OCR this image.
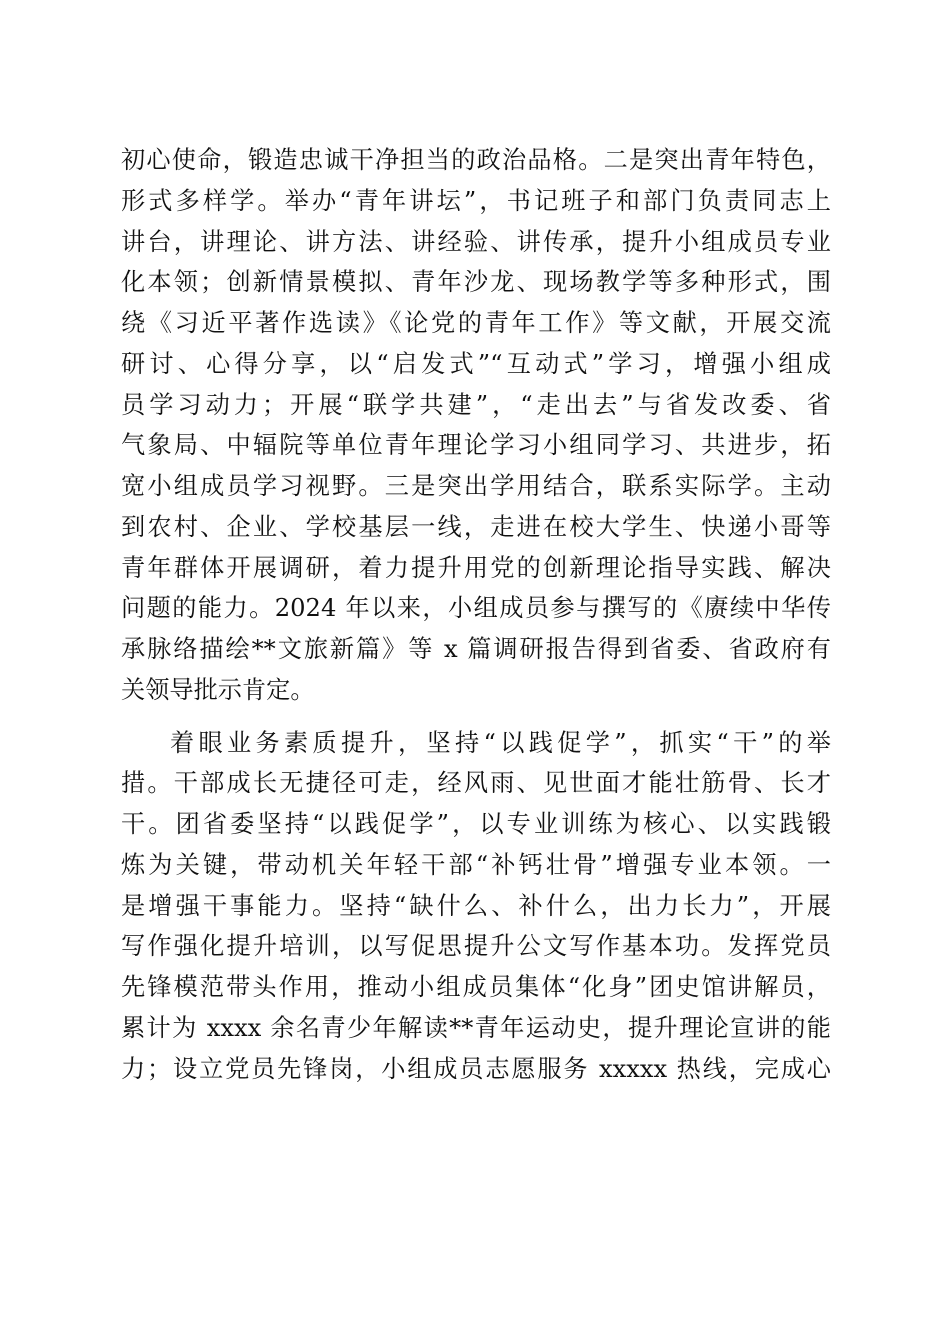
初心使命，锻造忠诚干净担当的政治品格。二是突出青年特色，
形式多样学。举办“青年讲坛”，书记班子和部门负责同志上
讲台，讲理论、讲方法、讲经验、讲传承，提升小组成员专业
化本领；创新情景模拟、青年沙龙、现场教学等多种形式，围
绕《习近平著作选读》《论党的青年工作》等文献，开展交流
研讨、心得分享，以“启发式”“互动式”学习，增强小组成
员学习动力；开展“联学共建”，“走出去”与省发改委、省
气象局、中辐院等单位青年理论学习小组同学习、共进步，拓
宽小组成员学习视野。三是突出学用结合，联系实际学。主动
到农村、企业、学校基层一线，走进在校大学生、快递小哥等
青年群体开展调研，着力提升用党的创新理论指导实践、解决
问题的能力。2024 年以来，小组成员参与撰写的《赓续中华传
承脉络描绘**文旅新篇》等 x 篇调研报告得到省委、省政府有
关领导批示肯定。
着眼业务素质提升，坚持“以践促学”，抓实“干”的举
措。干部成长无捷径可走，经风雨、见世面才能壮筋骨、长才
干。团省委坚持“以践促学”，以专业训练为核心、以实践锻
炼为关键，带动机关年轻干部“补钙壮骨”增强专业本领。一
是增强干事能力。坚持“缺什么、补什么，出力长力”，开展
写作强化提升培训，以写促思提升公文写作基本功。发挥党员
先锋模范带头作用，推动小组成员集体“化身”团史馆讲解员，
累计为 xxxx 余名青少年解读**青年运动史，提升理论宣讲的能
力；设立党员先锋岗，小组成员志愿服务 xxxxx 热线，完成心
